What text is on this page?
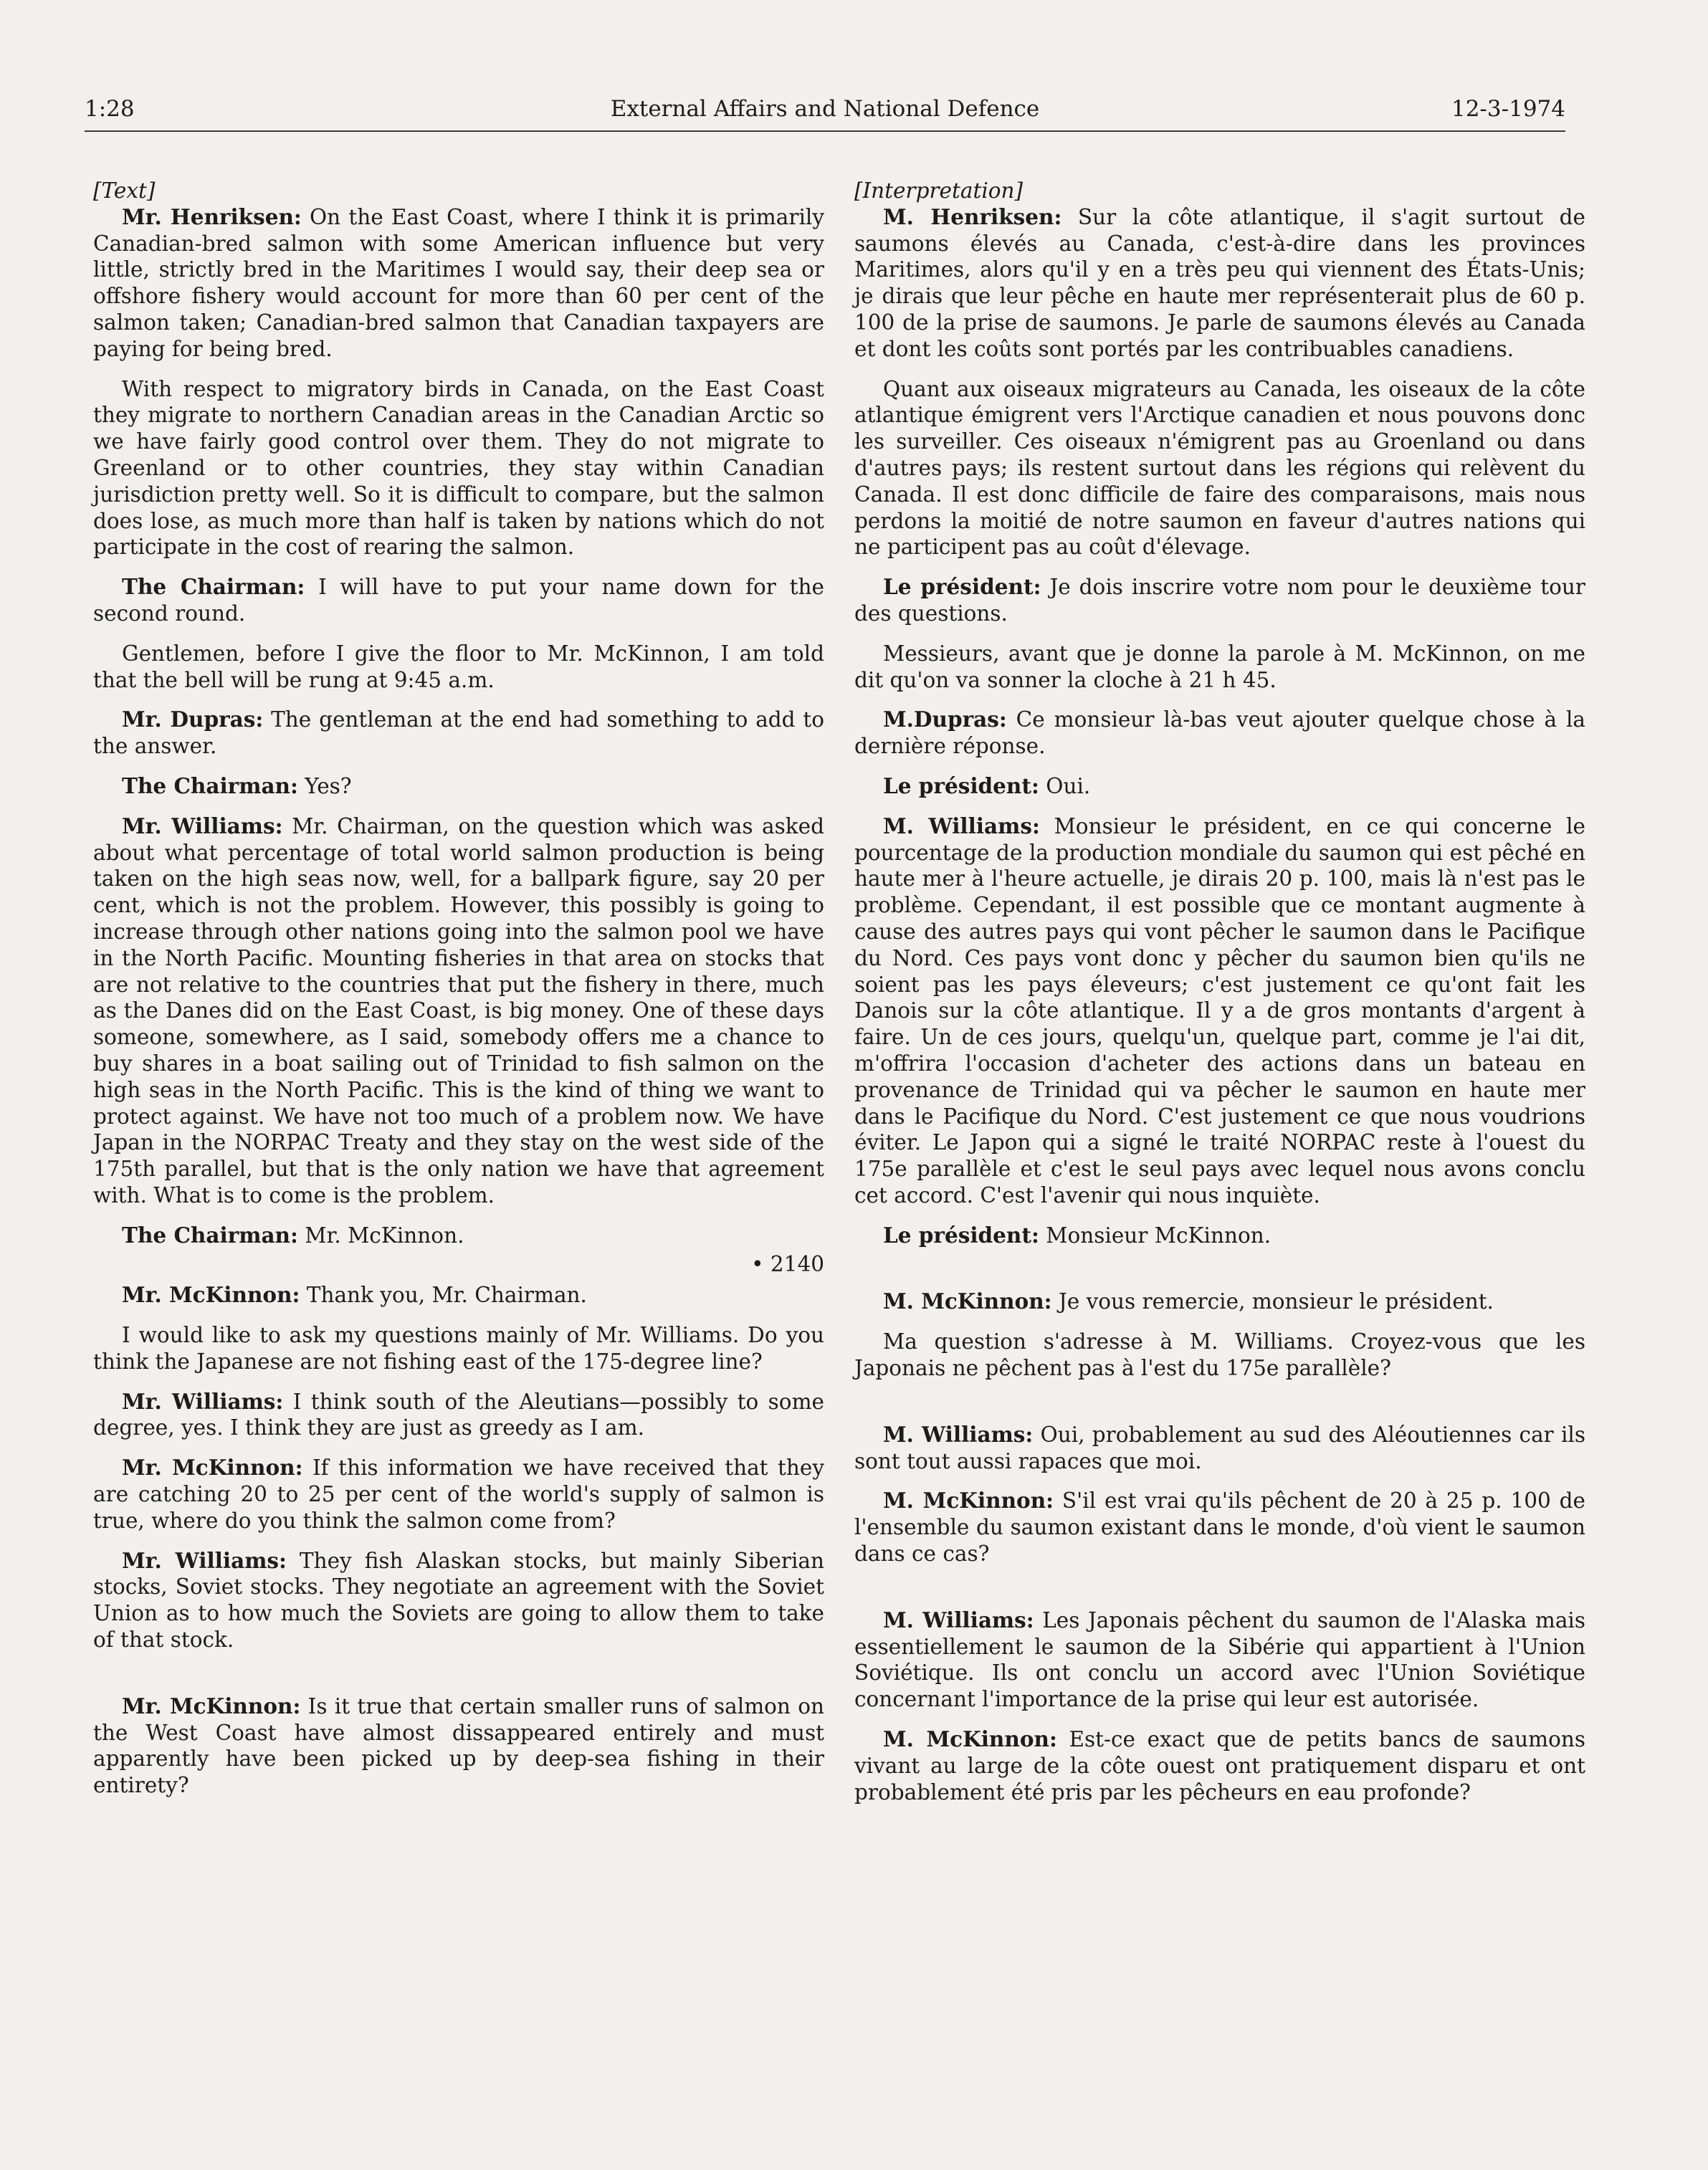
1:28	External Affairs and National Defence	12-3-1974
[Text]

Mr. Henriksen: On the East Coast, where I think it is primarily Canadian-bred salmon with some American influence but very little, strictly bred in the Maritimes I would say, their deep sea or offshore fishery would account for more than 60 per cent of the salmon taken; Canadian-bred salmon that Canadian taxpayers are paying for being bred.

With respect to migratory birds in Canada, on the East Coast they migrate to northern Canadian areas in the Canadian Arctic so we have fairly good control over them. They do not migrate to Greenland or to other countries, they stay within Canadian jurisdiction pretty well. So it is difficult to compare, but the salmon does lose, as much more than half is taken by nations which do not participate in the cost of rearing the salmon.

The Chairman: I will have to put your name down for the second round.

Gentlemen, before I give the floor to Mr. McKinnon, I am told that the bell will be rung at 9:45 a.m.

Mr. Dupras: The gentleman at the end had something to add to the answer.

The Chairman: Yes?

Mr. Williams: Mr. Chairman, on the question which was asked about what percentage of total world salmon production is being taken on the high seas now, well, for a ballpark figure, say 20 per cent, which is not the problem. However, this possibly is going to increase through other nations going into the salmon pool we have in the North Pacific. Mounting fisheries in that area on stocks that are not relative to the countries that put the fishery in there, much as the Danes did on the East Coast, is big money. One of these days someone, somewhere, as I said, somebody offers me a chance to buy shares in a boat sailing out of Trinidad to fish salmon on the high seas in the North Pacific. This is the kind of thing we want to protect against. We have not too much of a problem now. We have Japan in the NORPAC Treaty and they stay on the west side of the 175th parallel, but that is the only nation we have that agreement with. What is to come is the problem.

The Chairman: Mr. McKinnon.

• 2140

Mr. McKinnon: Thank you, Mr. Chairman.

I would like to ask my questions mainly of Mr. Williams. Do you think the Japanese are not fishing east of the 175-degree line?

Mr. Williams: I think south of the Aleutians—possibly to some degree, yes. I think they are just as greedy as I am.

Mr. McKinnon: If this information we have received that they are catching 20 to 25 per cent of the world's supply of salmon is true, where do you think the salmon come from?

Mr. Williams: They fish Alaskan stocks, but mainly Siberian stocks, Soviet stocks. They negotiate an agreement with the Soviet Union as to how much the Soviets are going to allow them to take of that stock.

Mr. McKinnon: Is it true that certain smaller runs of salmon on the West Coast have almost dissappeared entirely and must apparently have been picked up by deep-sea fishing in their entirety?

[Interpretation]

M. Henriksen: Sur la côte atlantique, il s'agit surtout de saumons élevés au Canada, c'est-à-dire dans les provinces Maritimes, alors qu'il y en a très peu qui viennent des États-Unis; je dirais que leur pêche en haute mer représenterait plus de 60 p. 100 de la prise de saumons. Je parle de saumons élevés au Canada et dont les coûts sont portés par les contribuables canadiens.

Quant aux oiseaux migrateurs au Canada, les oiseaux de la côte atlantique émigrent vers l'Arctique canadien et nous pouvons donc les surveiller. Ces oiseaux n'émigrent pas au Groenland ou dans d'autres pays; ils restent surtout dans les régions qui relèvent du Canada. Il est donc difficile de faire des comparaisons, mais nous perdons la moitié de notre saumon en faveur d'autres nations qui ne participent pas au coût d'élevage.

Le président: Je dois inscrire votre nom pour le deuxième tour des questions.

Messieurs, avant que je donne la parole à M. McKinnon, on me dit qu'on va sonner la cloche à 21 h 45.

M.Dupras: Ce monsieur là-bas veut ajouter quelque chose à la dernière réponse.

Le président: Oui.

M. Williams: Monsieur le président, en ce qui concerne le pourcentage de la production mondiale du saumon qui est pêché en haute mer à l'heure actuelle, je dirais 20 p. 100, mais là n'est pas le problème. Cependant, il est possible que ce montant augmente à cause des autres pays qui vont pêcher le saumon dans le Pacifique du Nord. Ces pays vont donc y pêcher du saumon bien qu'ils ne soient pas les pays éleveurs; c'est justement ce qu'ont fait les Danois sur la côte atlantique. Il y a de gros montants d'argent à faire. Un de ces jours, quelqu'un, quelque part, comme je l'ai dit, m'offrira l'occasion d'acheter des actions dans un bateau en provenance de Trinidad qui va pêcher le saumon en haute mer dans le Pacifique du Nord. C'est justement ce que nous voudrions éviter. Le Japon qui a signé le traité NORPAC reste à l'ouest du 175e parallèle et c'est le seul pays avec lequel nous avons conclu cet accord. C'est l'avenir qui nous inquiète.

Le président: Monsieur McKinnon.

M. McKinnon: Je vous remercie, monsieur le président.

Ma question s'adresse à M. Williams. Croyez-vous que les Japonais ne pêchent pas à l'est du 175e parallèle?

M. Williams: Oui, probablement au sud des Aléoutiennes car ils sont tout aussi rapaces que moi.

M. McKinnon: S'il est vrai qu'ils pêchent de 20 à 25 p. 100 de l'ensemble du saumon existant dans le monde, d'où vient le saumon dans ce cas?

M. Williams: Les Japonais pêchent du saumon de l'Alaska mais essentiellement le saumon de la Sibérie qui appartient à l'Union Soviétique. Ils ont conclu un accord avec l'Union Soviétique concernant l'importance de la prise qui leur est autorisée.

M. McKinnon: Est-ce exact que de petits bancs de saumons vivant au large de la côte ouest ont pratiquement disparu et ont probablement été pris par les pêcheurs en eau profonde?
